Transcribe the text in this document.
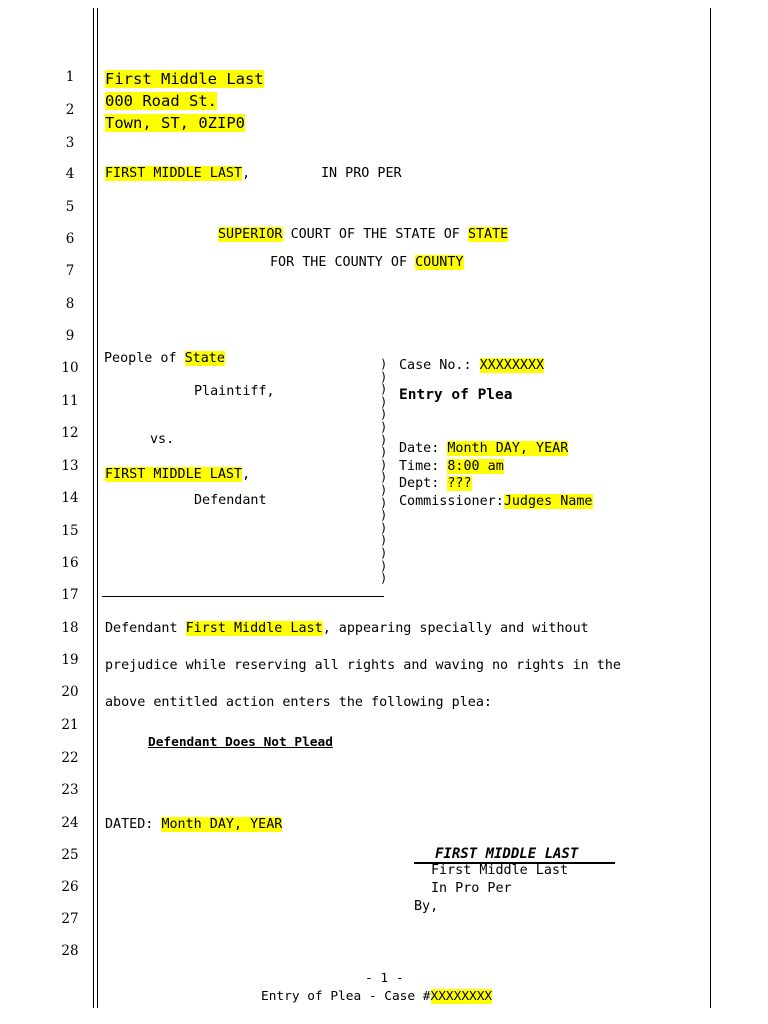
1
2
3
4
5
6
7
8
9
10
11
12
13
14
15
16
17
18
19
20
21
22
23
24
25
26
27
28
First Middle Last
000 Road St.
Town, ST, 0ZIP0
FIRST MIDDLE LAST,	IN PRO PER
SUPERIOR COURT OF THE STATE OF STATE
FOR THE COUNTY OF COUNTY
People of State
Plaintiff,
vs.
FIRST MIDDLE LAST,
Defendant
)
)
)
)
)
)
)
)
)
)
)
)
)
)
)
)
)
)
Case No.: XXXXXXXX
Entry of Plea
Date: Month DAY, YEAR
Time: 8:00 am
Dept: ???
Commissioner:Judges Name
Defendant First Middle Last, appearing specially and without
prejudice while reserving all rights and waving no rights in the
above entitled action enters the following plea:
Defendant Does Not Plead
DATED: Month DAY, YEAR
FIRST MIDDLE LAST
First Middle Last
In Pro Per
By,
- 1 -
Entry of Plea - Case #XXXXXXXX
